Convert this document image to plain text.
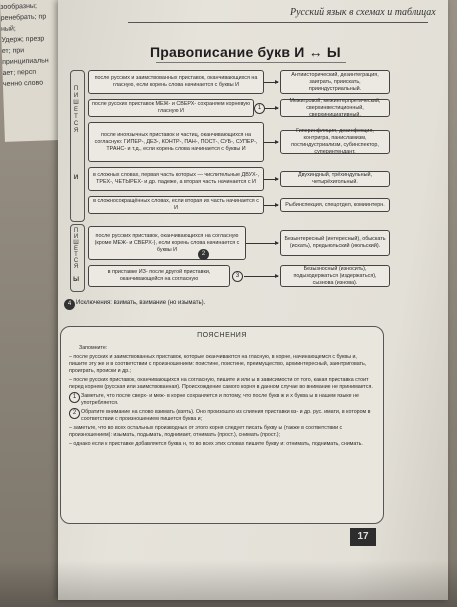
зообразны;
ренебрать; пр
ный;
Удерж; презр
ет; при
принципиальн
ает; персп
ченно слово
Русский язык в схемах и таблицах
Правописание букв И ↔ Ы
П И Ш Е Т С Я
И
П И Ш Е Т С Я
Ы
после русских и заимствованных приставок, оканчивающихся на гласную, если корень слова начинается с буквы И
Антиисторический, дезинтеграция, заиграть, приискать, прииндустриальный.
после русских приставок МЕЖ- и СВЕРХ- сохраняем корневую гласную И	1
Межигровой, межинтерпретический, сверхинвестиционный, сверхинициативный.
после иноязычных приставок и частиц, оканчивающихся на согласную: ГИПЕР-, ДЕЗ-, КОНТР-, ПАН-, ПОСТ-, СУБ-, СУПЕР-, ТРАНС- и т.д., если корень слова начинается с буквы И
Гиперинфляция, дезинфекция, контригра, панисламизм, постиндустриализм, субинспектор, суперинтендант.
в сложных словах, первая часть которых — числительные ДВУХ-, ТРЕХ-, ЧЕТЫРЕХ- и др. падеже, а вторая часть начинается с И
Двухиндный, трёхиндульный, четырёхигольный.
в сложносокращённых словах, если вторая их часть начинается с И
Рыбинспекция, спецотдел, комиинтерн.
после русских приставок, оканчивающихся на согласную (кроме МЕЖ- и СВЕРХ-), если корень слова начинается с буквы И
2
Безынтересный (интересный), обыскать (искать), предыюльский (июльский).
в приставке ИЗ- после другой приставки, оканчивающейся на согласную	3
Безызносный (износить), подызодержаться (издержаться), сызнова (изнова).
4 Исключения: взимать, взимание (но изымать).
ПОЯСНЕНИЯ

Запомните:

– после русских и заимствованных приставок, которые оканчиваются на гласную, в корне, начинающемся с буквы и, пишите эту же и в соответствии с произношением: поистине, поистине, преимущество, архиинтересный, заинтриговать, проиграть, происки и др.;

– после русских приставок, оканчивающихся на согласную, пишите и или ы в зависимости от того, какая приставка стоит перед корнем (русская или заимствованная). Происхождение самого корня в данном случае во внимание не принимается.

1 Заметьте, что после сверх- и меж- в корне сохраняется и потому, что после букв ж и х буква ы в нашем языке не употребляется.

2 Обратите внимание на слово взимать (взять). Оно произошло из слияния приставки вз- и др. рус. имати, в котором в соответствии с произношением пишется буква и;

– заметьте, что во всех остальных производных от этого корня следует писать букву ы (также в соответствии с произношением): изымать, подымать, поднимает, отнимать (прост.), снимать (прост.);

– однако если к приставке добавляется буква н, то во всех этих словах пишите букву и: отнимать, поднимать, снимать.

17
